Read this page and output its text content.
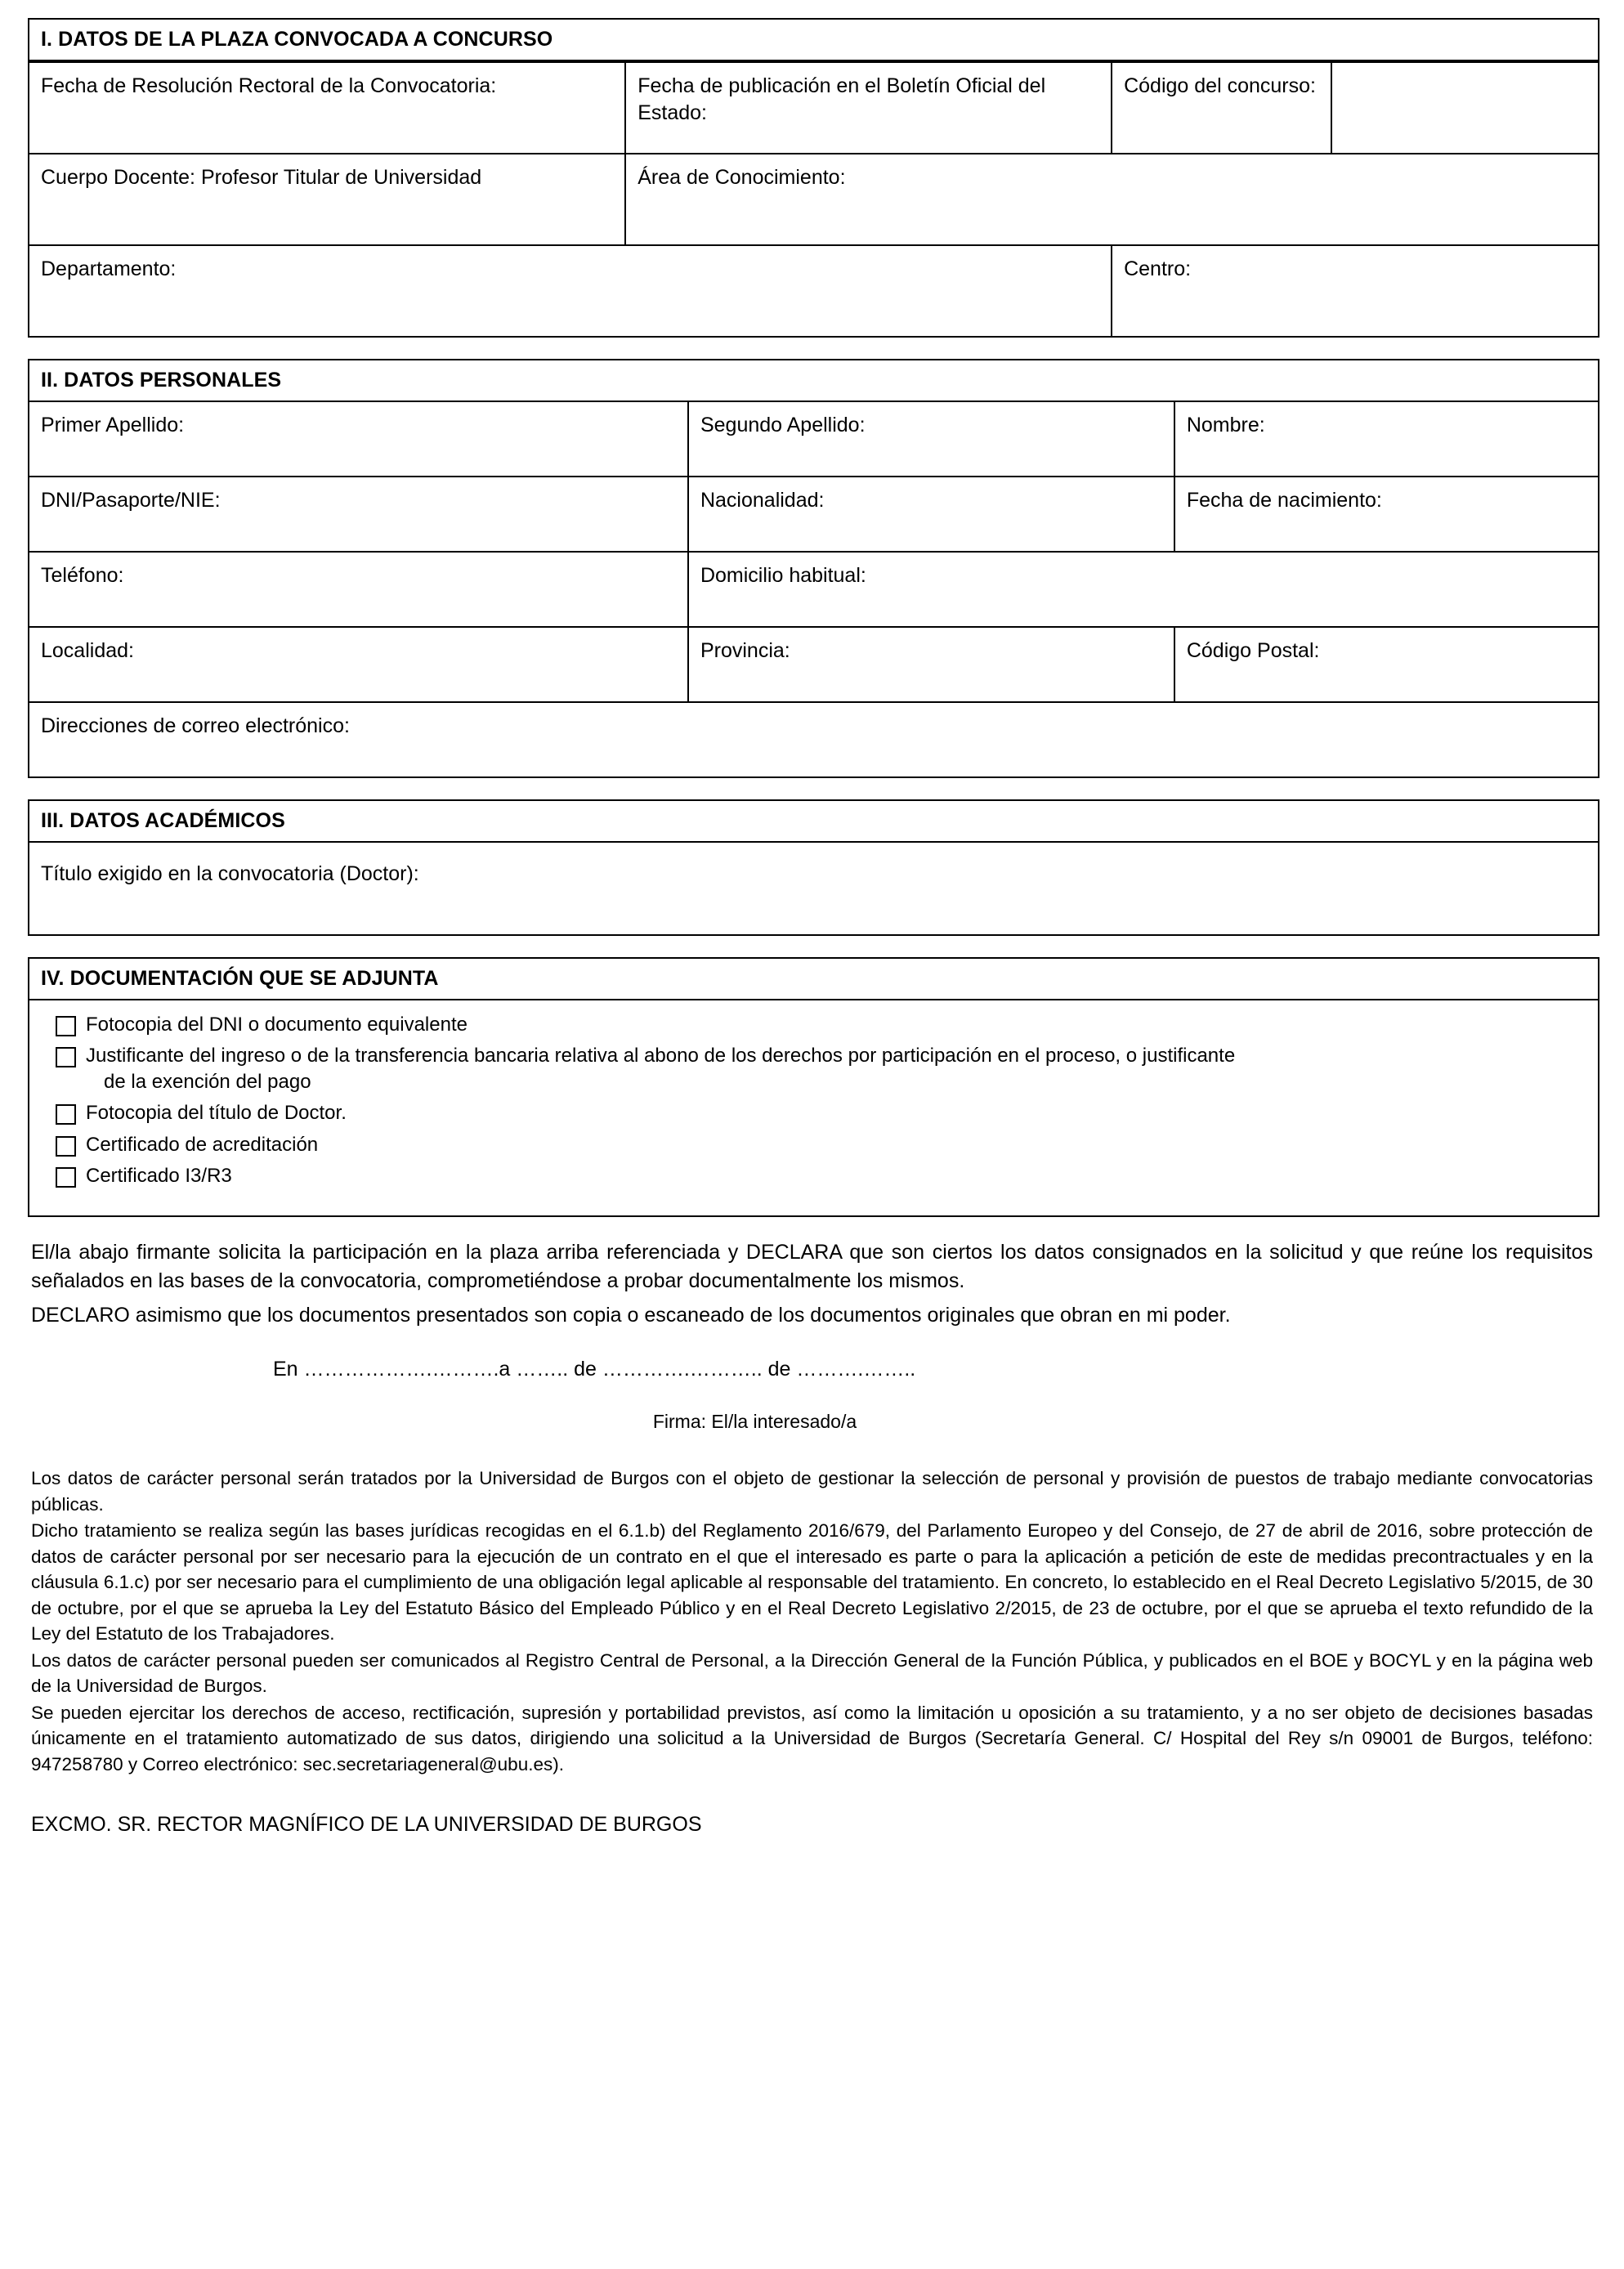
I. DATOS DE LA PLAZA CONVOCADA A CONCURSO
Fecha de Resolución Rectoral de la Convocatoria:	Fecha de publicación en el Boletín Oficial del Estado:	Código del concurso:	
Cuerpo Docente: Profesor Titular de Universidad	Área de Conocimiento:		
Departamento:		Centro:	
II. DATOS PERSONALES
Primer Apellido:	Segundo Apellido:	Nombre:
DNI/Pasaporte/NIE:	Nacionalidad:	Fecha de nacimiento:
Teléfono:	Domicilio habitual:	
Localidad:	Provincia:	Código Postal:
Direcciones de correo electrónico:		
III. DATOS ACADÉMICOS
Título exigido en la convocatoria (Doctor):
IV. DOCUMENTACIÓN QUE SE ADJUNTA
Fotocopia del DNI o documento equivalente
Justificante del ingreso o de la transferencia bancaria relativa al abono de los derechos por participación en el proceso, o justificante
de la exención del pago
Fotocopia del título de Doctor.
Certificado de acreditación
Certificado I3/R3

El/la abajo firmante solicita la participación en la plaza arriba referenciada y DECLARA que son ciertos los datos consignados en la solicitud y que reúne los requisitos señalados en las bases de la convocatoria, comprometiéndose a probar documentalmente los mismos.

DECLARO asimismo que los documentos presentados son copia o escaneado de los documentos originales que obran en mi poder.

En ……………….……….a …….. de ………….……….. de ……….……..
Firma: El/la interesado/a

Los datos de carácter personal serán tratados por la Universidad de Burgos con el objeto de gestionar la selección de personal y provisión de puestos de trabajo mediante convocatorias públicas.

Dicho tratamiento se realiza según las bases jurídicas recogidas en el 6.1.b) del Reglamento 2016/679, del Parlamento Europeo y del Consejo, de 27 de abril de 2016, sobre protección de datos de carácter personal por ser necesario para la ejecución de un contrato en el que el interesado es parte o para la aplicación a petición de este de medidas precontractuales y en la cláusula 6.1.c) por ser necesario para el cumplimiento de una obligación legal aplicable al responsable del tratamiento. En concreto, lo establecido en el Real Decreto Legislativo 5/2015, de 30 de octubre, por el que se aprueba la Ley del Estatuto Básico del Empleado Público y en el Real Decreto Legislativo 2/2015, de 23 de octubre, por el que se aprueba el texto refundido de la Ley del Estatuto de los Trabajadores.

Los datos de carácter personal pueden ser comunicados al Registro Central de Personal, a la Dirección General de la Función Pública, y publicados en el BOE y BOCYL y en la página web de la Universidad de Burgos.

Se pueden ejercitar los derechos de acceso, rectificación, supresión y portabilidad previstos, así como la limitación u oposición a su tratamiento, y a no ser objeto de decisiones basadas únicamente en el tratamiento automatizado de sus datos, dirigiendo una solicitud a la Universidad de Burgos (Secretaría General. C/ Hospital del Rey s/n 09001 de Burgos, teléfono: 947258780 y Correo electrónico: sec.secretariageneral@ubu.es).

EXCMO. SR. RECTOR MAGNÍFICO DE LA UNIVERSIDAD DE BURGOS
